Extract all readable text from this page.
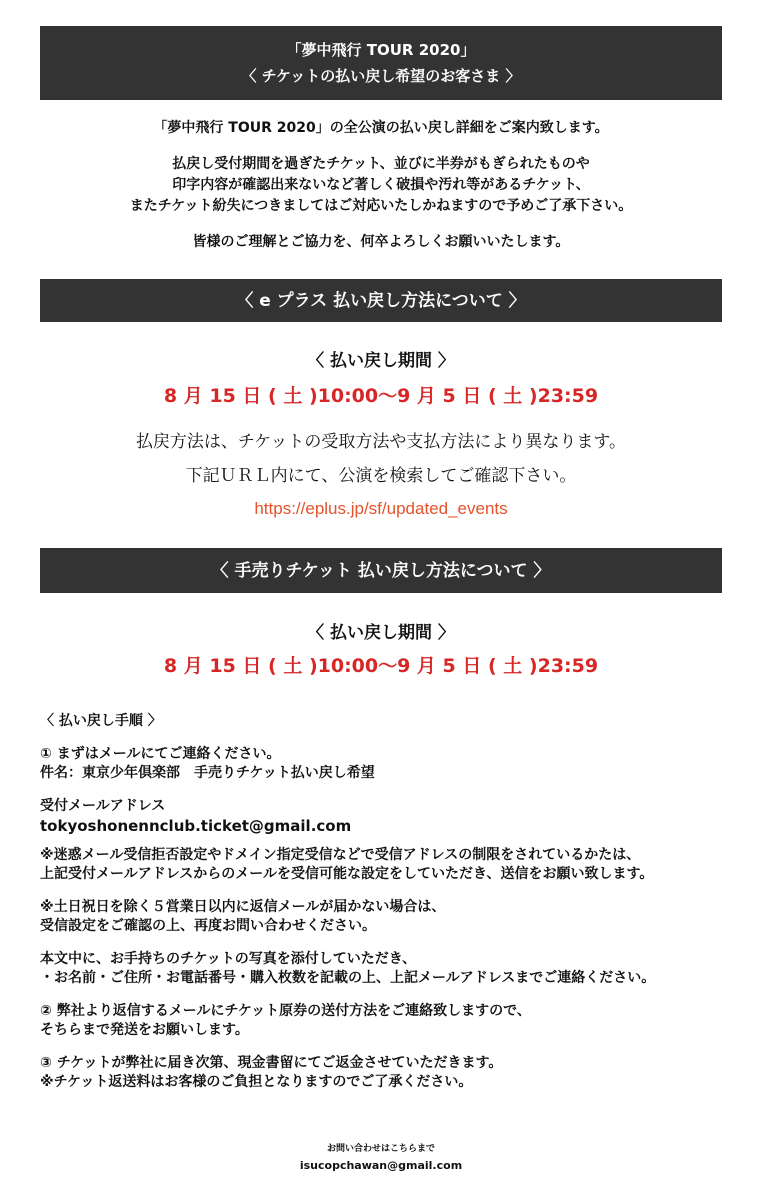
「夢中飛行 TOUR 2020」
〈 チケットの払い戻し希望のお客さま 〉

「夢中飛行 TOUR 2020」の全公演の払い戻し詳細をご案内致します。

払戻し受付期間を過ぎたチケット、並びに半券がもぎられたものや

印字内容が確認出来ないなど著しく破損や汚れ等があるチケット、

またチケット紛失につきましてはご対応いたしかねますので予めご了承下さい。

皆様のご理解とご協力を、何卒よろしくお願いいたします。

〈 e プラス 払い戻し方法について 〉
〈 払い戻し期間 〉
8 月 15 日 ( 土 )10:00〜9 月 5 日 ( 土 )23:59

払戻方法は、チケットの受取方法や支払方法により異なります。

下記ＵＲＬ内にて、公演を検索してご確認下さい。

https://eplus.jp/sf/updated_events
〈 手売りチケット 払い戻し方法について 〉
〈 払い戻し期間 〉
8 月 15 日 ( 土 )10:00〜9 月 5 日 ( 土 )23:59

〈 払い戻し手順 〉

① まずはメールにてご連絡ください。

件名：東京少年倶楽部　手売りチケット払い戻し希望

受付メールアドレス

tokyoshonennclub.ticket@gmail.com

※迷惑メール受信拒否設定やドメイン指定受信などで受信アドレスの制限をされているかたは、

上記受付メールアドレスからのメールを受信可能な設定をしていただき、送信をお願い致します。

※土日祝日を除く５営業日以内に返信メールが届かない場合は、

受信設定をご確認の上、再度お問い合わせください。

本文中に、お手持ちのチケットの写真を添付していただき、

・お名前・ご住所・お電話番号・購入枚数を記載の上、上記メールアドレスまでご連絡ください。

② 弊社より返信するメールにチケット原券の送付方法をご連絡致しますので、

そちらまで発送をお願いします。

③ チケットが弊社に届き次第、現金書留にてご返金させていただきます。

※チケット返送料はお客様のご負担となりますのでご了承ください。

お問い合わせはこちらまで
isucopchawan@gmail.com
